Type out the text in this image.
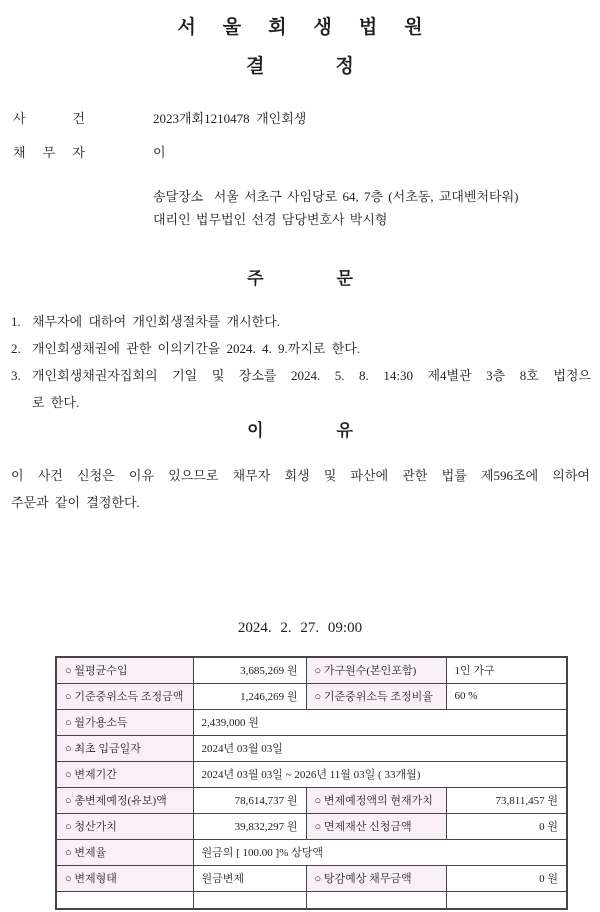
서울회생법원
결정
사 건	2023개회1210478  개인회생
채 무 자	이
송달장소  서울 서초구 사임당로 64, 7층 (서초동, 교대벤처타워)
대리인 법무법인 선경 담당변호사 박시형
주문
1. 채무자에 대하여 개인회생절차를 개시한다.
2. 개인회생채권에 관한 이의기간을 2024. 4. 9.까지로 한다.
3. 개인회생채권자집회의 기일 및 장소를 2024. 5. 8. 14:30 제4별관 3층 8호 법정으
로 한다.
이유
이 사건 신청은 이유 있으므로 채무자 회생 및 파산에 관한 법률 제596조에 의하여
주문과 같이 결정한다.
2024. 2. 27. 09:00
○ 월평균수입	3,685,269 원	○ 가구원수(본인포함)	1인 가구
○ 기준중위소득 조정금액	1,246,269 원	○ 기준중위소득 조정비율	60 %
○ 월가용소득	2,439,000 원		
○ 최초 입금일자	2024년 03월 03일		
○ 변제기간	2024년 03월 03일 ~ 2026년 11월 03일 ( 33개월)		
○ 총변제예정(유보)액	78,614,737 원	○ 변제예정액의 현재가치	73,811,457 원
○ 청산가치	39,832,297 원	○ 면제재산 신청금액	0 원
○ 변제율	원금의 [ 100.00 ]% 상당액		
○ 변제형태	원금변제	○ 탕감예상 채무금액	0 원
